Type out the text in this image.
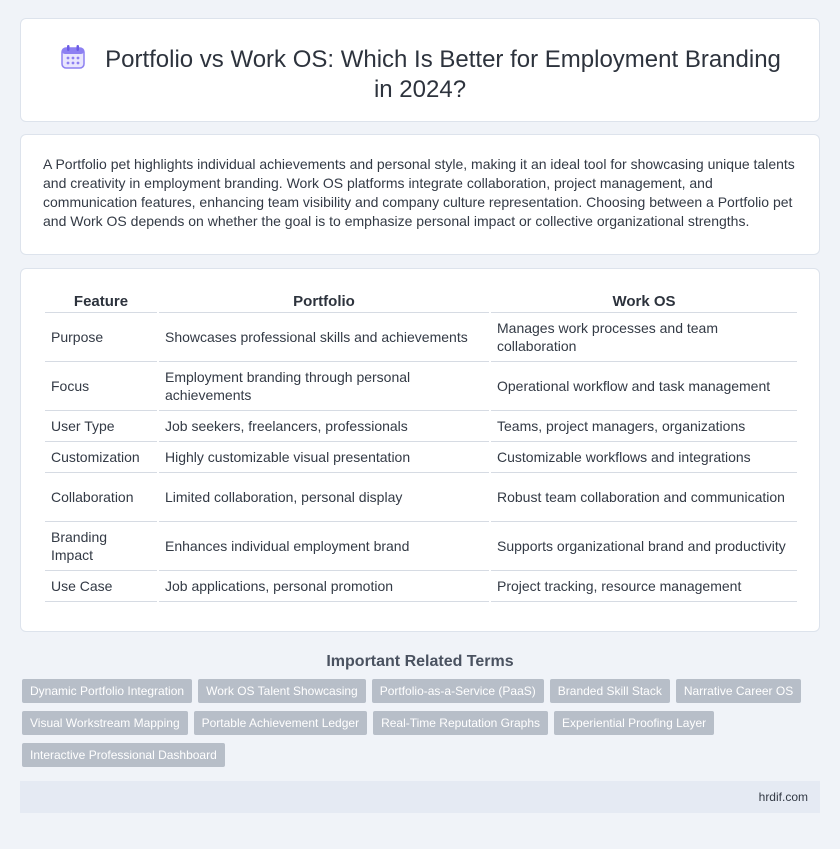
Portfolio vs Work OS: Which Is Better for Employment Branding in 2024?

A Portfolio pet highlights individual achievements and personal style, making it an ideal tool for showcasing unique talents and creativity in employment branding. Work OS platforms integrate collaboration, project management, and communication features, enhancing team visibility and company culture representation. Choosing between a Portfolio pet and Work OS depends on whether the goal is to emphasize personal impact or collective organizational strengths.

Feature	Portfolio	Work OS
Purpose	Showcases professional skills and achievements	Manages work processes and team collaboration
Focus	Employment branding through personal achievements	Operational workflow and task management
User Type	Job seekers, freelancers, professionals	Teams, project managers, organizations
Customization	Highly customizable visual presentation	Customizable workflows and integrations
Collaboration	Limited collaboration, personal display	Robust team collaboration and communication
Branding Impact	Enhances individual employment brand	Supports organizational brand and productivity
Use Case	Job applications, personal promotion	Project tracking, resource management
Important Related Terms
Dynamic Portfolio Integration	Work OS Talent Showcasing	Portfolio-as-a-Service (PaaS)	Branded Skill Stack	Narrative Career OS
Visual Workstream Mapping	Portable Achievement Ledger	Real-Time Reputation Graphs	Experiential Proofing Layer
Interactive Professional Dashboard
hrdif.com
